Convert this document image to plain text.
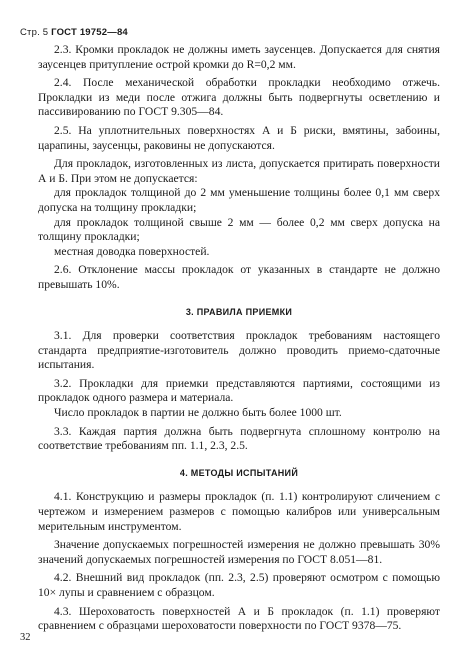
Стр. 5 ГОСТ 19752—84

2.3. Кромки прокладок не должны иметь заусенцев. Допускается для снятия заусенцев притупление острой кромки до R=0,2 мм.

2.4. После механической обработки прокладки необходимо отжечь. Прокладки из меди после отжига должны быть подвергнуты осветлению и пассивированию по ГОСТ 9.305—84.

2.5. На уплотнительных поверхностях А и Б риски, вмятины, забоины, царапины, заусенцы, раковины не допускаются.

Для прокладок, изготовленных из листа, допускается притирать поверхности А и Б. При этом не допускается:

для прокладок толщиной до 2 мм уменьшение толщины более 0,1 мм сверх допуска на толщину прокладки;

для прокладок толщиной свыше 2 мм — более 0,2 мм сверх допуска на толщину прокладки;

местная доводка поверхностей.

2.6. Отклонение массы прокладок от указанных в стандарте не должно превышать 10%.

3. ПРАВИЛА ПРИЕМКИ

3.1. Для проверки соответствия прокладок требованиям настоящего стандарта предприятие-изготовитель должно проводить приемо-сдаточные испытания.

3.2. Прокладки для приемки представляются партиями, состоящими из прокладок одного размера и материала.

Число прокладок в партии не должно быть более 1000 шт.

3.3. Каждая партия должна быть подвергнута сплошному контролю на соответствие требованиям пп. 1.1, 2.3, 2.5.

4. МЕТОДЫ ИСПЫТАНИЙ

4.1. Конструкцию и размеры прокладок (п. 1.1) контролируют сличением с чертежом и измерением размеров с помощью калибров или универсальным мерительным инструментом.

Значение допускаемых погрешностей измерения не должно превышать 30% значений допускаемых погрешностей измерения по ГОСТ 8.051—81.

4.2. Внешний вид прокладок (пп. 2.3, 2.5) проверяют осмотром с помощью 10× лупы и сравнением с образцом.

4.3. Шероховатость поверхностей А и Б прокладок (п. 1.1) проверяют сравнением с образцами шероховатости поверхности по ГОСТ 9378—75.

32
